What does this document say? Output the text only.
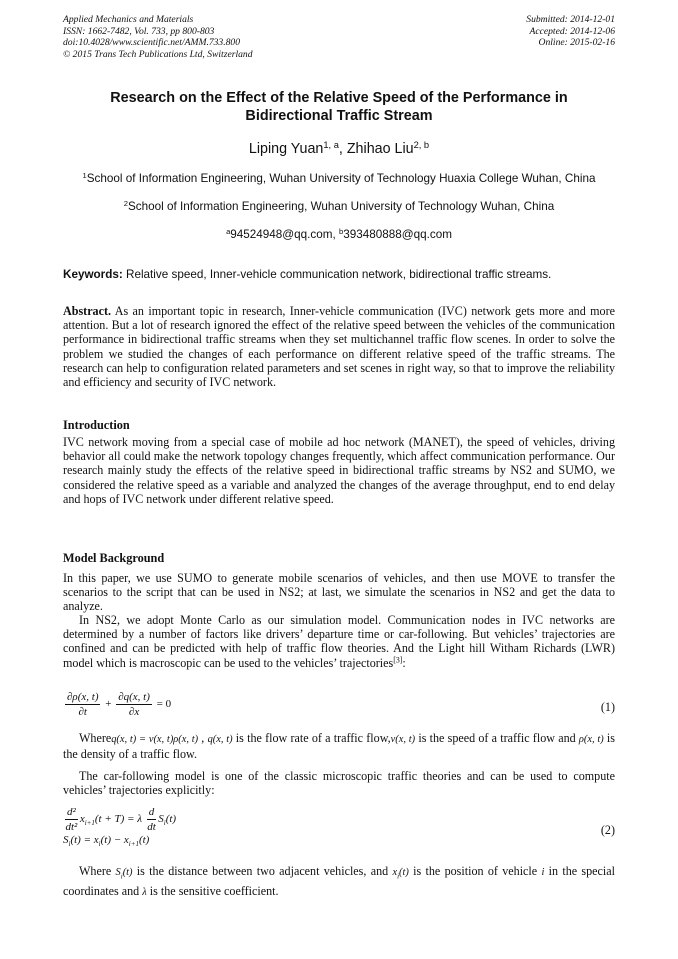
Applied Mechanics and Materials
ISSN: 1662-7482, Vol. 733, pp 800-803
doi:10.4028/www.scientific.net/AMM.733.800
© 2015 Trans Tech Publications Ltd, Switzerland
Submitted: 2014-12-01
Accepted: 2014-12-06
Online: 2015-02-16
Research on the Effect of the Relative Speed of the Performance in
Bidirectional Traffic Stream
Liping Yuan$^{1, a}$, Zhihao Liu$^{2, b}$
$^1$School of Information Engineering, Wuhan University of Technology Huaxia College Wuhan, China
$^2$School of Information Engineering, Wuhan University of Technology Wuhan, China
$^a$94524948@qq.com, $^b$393480888@qq.com
Keywords: Relative speed, Inner-vehicle communication network, bidirectional traffic streams.
Abstract. As an important topic in research, Inner-vehicle communication (IVC) network gets more and more attention. But a lot of research ignored the effect of the relative speed between the vehicles of the communication performance in bidirectional traffic streams when they set multichannel traffic flow scenes. In order to solve the problem we studied the changes of each performance on different relative speed of the traffic streams. The research can help to configuration related parameters and set scenes in right way, so that to improve the reliability and efficiency and security of IVC network.
Introduction
IVC network moving from a special case of mobile ad hoc network (MANET), the speed of vehicles, driving behavior all could make the network topology changes frequently, which affect communication performance. Our research mainly study the effects of the relative speed in bidirectional traffic streams by NS2 and SUMO, we considered the relative speed as a variable and analyzed the changes of the average throughput, end to end delay and hops of IVC network under different relative speed.
Model Background
In this paper, we use SUMO to generate mobile scenarios of vehicles, and then use MOVE to transfer the scenarios to the script that can be used in NS2; at last, we simulate the scenarios in NS2 and get the data to analyze.
In NS2, we adopt Monte Carlo as our simulation model. Communication nodes in IVC networks are determined by a number of factors like drivers’ departure time or car-following. But vehicles’ trajectories are confined and can be predicted with help of traffic flow theories. And the Light hill Witham Richards (LWR) model which is macroscopic can be used to the vehicles’ trajectories[3]:
$\frac{\partial\rho(x, t)}{\partial t} + \frac{\partial q(x, t)}{\partial x} = 0$	(1)
Whereq(x, t) = v(x, t)ρ(x, t) , q(x, t) is the flow rate of a traffic flow,v(x, t) is the speed of a traffic flow and ρ(x, t) is the density of a traffic flow.
The car-following model is one of the classic microscopic traffic theories and can be used to compute vehicles’ trajectories explicitly:
$\frac{\text{d²}}{\text{dt²}} x_{i+1}(t + T) = \lambda \frac{d}{dt} S_i(t)$
$S_i(t) = x_i(t) - x_{i+1}(t)$
(2)
Where $S_i(t)$ is the distance between two adjacent vehicles, and $x_i(t)$ is the position of vehicle i in the special coordinates and λ is the sensitive coefficient.
